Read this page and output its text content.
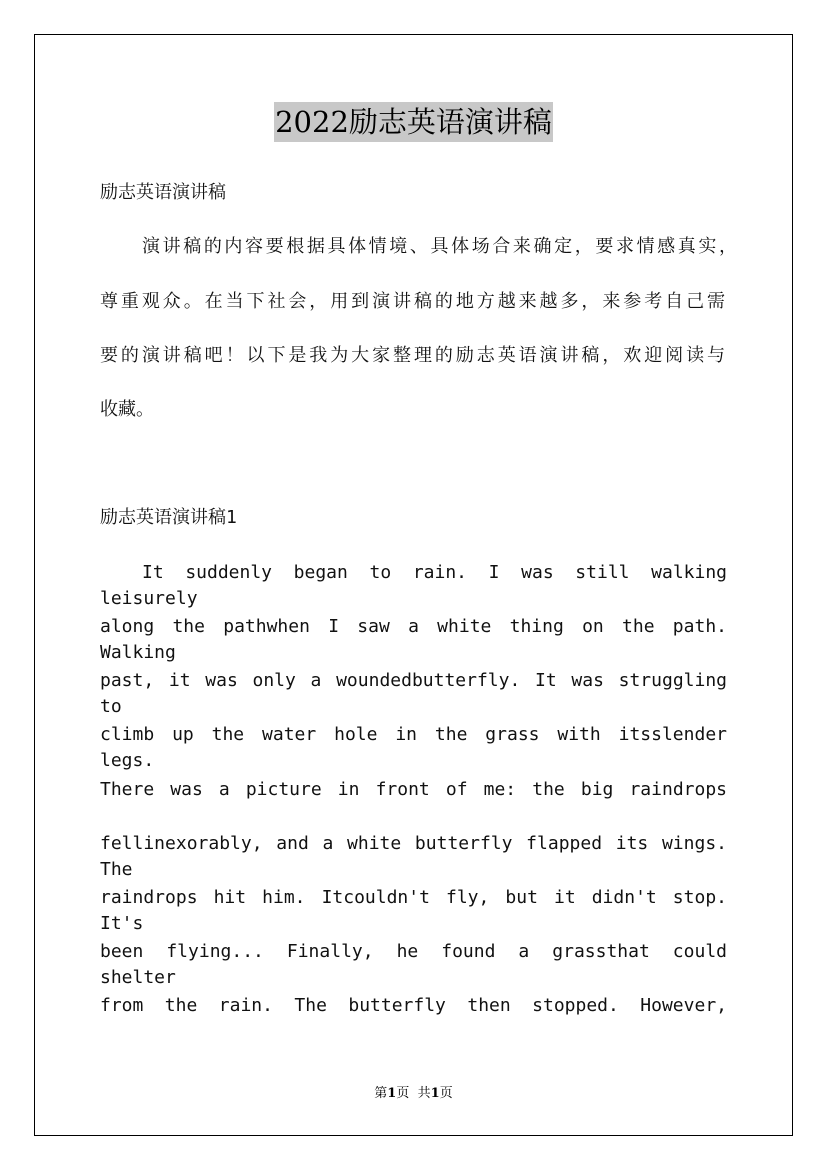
2022励志英语演讲稿

励志英语演讲稿

演讲稿的内容要根据具体情境、具体场合来确定，要求情感真实，

尊重观众。在当下社会，用到演讲稿的地方越来越多，来参考自己需

要的演讲稿吧！以下是我为大家整理的励志英语演讲稿，欢迎阅读与

收藏。

励志英语演讲稿1

It suddenly began to rain. I was still walking leisurely

along the pathwhen I saw a white thing on the path. Walking

past, it was only a woundedbutterfly. It was struggling to

climb up the water hole in the grass with itsslender legs.

There was a picture in front of me: the big raindrops

fellinexorably, and a white butterfly flapped its wings. The

raindrops hit him. Itcouldn't fly, but it didn't stop. It's

been flying... Finally, he found a grassthat could shelter

from the rain. The butterfly then stopped. However,

第1页 共1页
